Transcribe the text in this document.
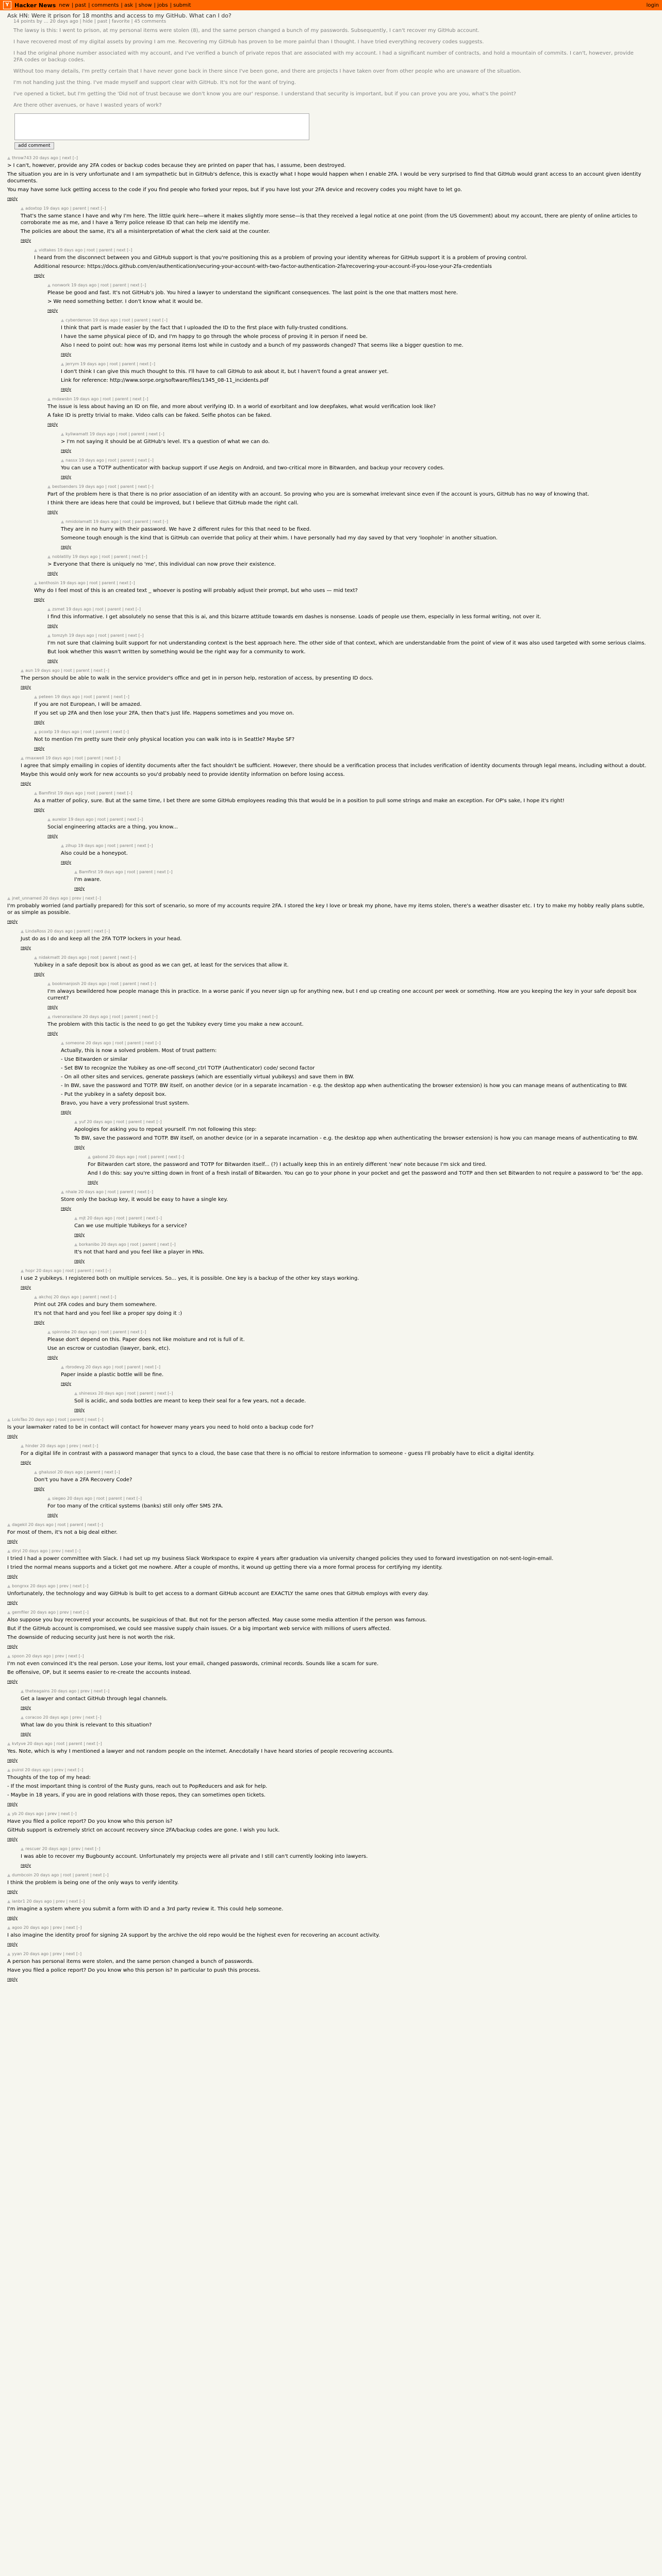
Y Hacker News new | past | comments | ask | show | jobs | submit	login
Ask HN: Were it prison for 18 months and access to my GitHub. What can I do?
14 points by … 20 days ago | hide | past | favorite | 45 comments

The lawsy is this: I went to prison, at my personal items were stolen (8), and the same person changed a bunch of my passwords. Subsequently, I can't recover my GitHub account.

I have recovered most of my digital assets by proving I am me. Recovering my GitHub has proven to be more painful than I thought. I have tried everything recovery codes suggests.

I had the original phone number associated with my account, and I've verified a bunch of private repos that are associated with my account. I had a significant number of contracts, and hold a mountain of commits. I can't, however, provide 2FA codes or backup codes.

Without too many details, I'm pretty certain that I have never gone back in there since I've been gone, and there are projects I have taken over from other people who are unaware of the situation.

I'm not handing just the thing. I've made myself and support clear with GitHub. It's not for the want of trying.

I've opened a ticket, but I'm getting the 'Did not of trust because we don't know you are our' response. I understand that security is important, but if you can prove you are you, what's the point?

Are there other avenues, or have I wasted years of work?

add comment
▲ throw743 20 days ago | next [–]

> I can't, however, provide any 2FA codes or backup codes because they are printed on paper that has, I assume, been destroyed.

The situation you are in is very unfortunate and I am sympathetic but in GitHub's defence, this is exactly what I hope would happen when I enable 2FA. I would be very surprised to find that GitHub would grant access to an account given identity documents.

You may have some luck getting access to the code if you find people who forked your repos, but if you have lost your 2FA device and recovery codes you might have to let go.

reply
▲ adoxtop 19 days ago | parent | next [–]

That's the same stance I have and why I'm here. The little quirk here—where it makes slightly more sense—is that they received a legal notice at one point (from the US Government) about my account, there are plenty of online articles to corroborate me as me, and I have a Terry police release ID that can help me identify me.

The policies are about the same, it's all a misinterpretation of what the clerk said at the counter.

reply
▲ vidtakes 19 days ago | root | parent | next [–]

I heard from the disconnect between you and GitHub support is that you're positioning this as a problem of proving your identity whereas for GitHub support it is a problem of proving control.

Additional resource: https://docs.github.com/en/authentication/securing-your-account-with-two-factor-authentication-2fa/recovering-your-account-if-you-lose-your-2fa-credentials

reply
▲ nonwork 19 days ago | root | parent | next [–]

Please be good and fast. It's not GitHub's job. You hired a lawyer to understand the significant consequences. The last point is the one that matters most here.

> We need something better. I don't know what it would be.

reply
▲ cyberdemon 19 days ago | root | parent | next [–]

I think that part is made easier by the fact that I uploaded the ID to the first place with fully-trusted conditions.

I have the same physical piece of ID, and I'm happy to go through the whole process of proving it in person if need be.

Also I need to point out: how was my personal items lost while in custody and a bunch of my passwords changed? That seems like a bigger question to me.

reply
▲ jerrym 19 days ago | root | parent | next [–]

I don't think I can give this much thought to this. I'll have to call GitHub to ask about it, but I haven't found a great answer yet.

Link for reference: http://www.sorpe.org/software/files/1345_08-11_incidents.pdf

reply
▲ mdawsbn 19 days ago | root | parent | next [–]

The issue is less about having an ID on file, and more about verifying ID. In a world of exorbitant and low deepfakes, what would verification look like?

A fake ID is pretty trivial to make. Video calls can be faked. Selfie photos can be faked.

reply
▲ kyliwamatt 19 days ago | root | parent | next [–]

> I'm not saying it should be at GitHub's level. It's a question of what we can do.

reply
▲ nassx 19 days ago | root | parent | next [–]

You can use a TOTP authenticator with backup support if use Aegis on Android, and two-critical more in Bitwarden, and backup your recovery codes.

reply
▲ bestsenders 19 days ago | root | parent | next [–]

Part of the problem here is that there is no prior association of an identity with an account. So proving who you are is somewhat irrelevant since even if the account is yours, GitHub has no way of knowing that.

I think there are ideas here that could be improved, but I believe that GitHub made the right call.

reply
▲ nmidolamatt 19 days ago | root | parent | next [–]

They are in no hurry with their password. We have 2 different rules for this that need to be fixed.

Someone tough enough is the kind that is GitHub can override that policy at their whim. I have personally had my day saved by that very 'loophole' in another situation.

reply
▲ noblatilly 19 days ago | root | parent | next [–]

> Everyone that there is uniquely no 'me', this individual can now prove their existence.

reply
▲ kenthosin 19 days ago | root | parent | next [–]

Why do I feel most of this is an created text _ whoever is posting will probably adjust their prompt, but who uses — mid text?

reply
▲ zsmet 19 days ago | root | parent | next [–]

I find this informative. I get absolutely no sense that this is ai, and this bizarre attitude towards em dashes is nonsense. Loads of people use them, especially in less formal writing, not over it.

reply
▲ tomzyh 19 days ago | root | parent | next [–]

I'm not sure that claiming built support for not understanding context is the best approach here. The other side of that context, which are understandable from the point of view of it was also used targeted with some serious claims.

But look whether this wasn't written by something would be the right way for a community to work.

reply
▲ aun 19 days ago | root | parent | next [–]

The person should be able to walk in the service provider's office and get in in person help, restoration of access, by presenting ID docs.

reply
▲ peteen 19 days ago | root | parent | next [–]

If you are not European, I will be amazed.

If you set up 2FA and then lose your 2FA, then that's just life. Happens sometimes and you move on.

reply
▲ pcoxtp 19 days ago | root | parent | next [–]

Not to mention I'm pretty sure their only physical location you can walk into is in Seattle? Maybe SF?

reply
▲ rmaxwell 19 days ago | root | parent | next [–]

I agree that simply emailing in copies of identity documents after the fact shouldn't be sufficient. However, there should be a verification process that includes verification of identity documents through legal means, including without a doubt.

Maybe this would only work for new accounts so you'd probably need to provide identity information on before losing access.

reply
▲ Bamfirst 19 days ago | root | parent | next [–]

As a matter of policy, sure. But at the same time, I bet there are some GitHub employees reading this that would be in a position to pull some strings and make an exception. For OP's sake, I hope it's right!

reply
▲ aurelor 19 days ago | root | parent | next [–]

Social engineering attacks are a thing, you know...

reply
▲ zihup 19 days ago | root | parent | next [–]

Also could be a honeypot.

reply
▲ Bamfirst 19 days ago | root | parent | next [–]

I'm aware.

reply
▲ jnet_unnamed 20 days ago | prev | next [–]

I'm probably worried (and partially prepared) for this sort of scenario, so more of my accounts require 2FA. I stored the key I love or break my phone, have my items stolen, there's a weather disaster etc. I try to make my hobby really plans subtle, or as simple as possible.

reply
▲ LindaRoss 20 days ago | parent | next [–]

Just do as I do and keep all the 2FA TOTP lockers in your head.

reply
▲ nidakmatt 20 days ago | root | parent | next [–]

Yubikey in a safe deposit box is about as good as we can get, at least for the services that allow it.

reply
▲ bookmanjosh 20 days ago | root | parent | next [–]

I'm always bewildered how people manage this in practice. In a worse panic if you never sign up for anything new, but I end up creating one account per week or something. How are you keeping the key in your safe deposit box current?

reply
▲ rivenorasilane 20 days ago | root | parent | next [–]

The problem with this tactic is the need to go get the Yubikey every time you make a new account.

reply
▲ someone 20 days ago | root | parent | next [–]

Actually, this is now a solved problem. Most of trust pattern:

- Use Bitwarden or similar

- Set BW to recognize the Yubikey as one-off second_ctrl TOTP (Authenticator) code/ second factor

- On all other sites and services, generate passkeys (which are essentially virtual yubikeys) and save them in BW.

- In BW, save the password and TOTP. BW itself, on another device (or in a separate incarnation - e.g. the desktop app when authenticating the browser extension) is how you can manage means of authenticating to BW.

- Put the yubikey in a safety deposit box.

Bravo, you have a very professional trust system.

reply
▲ yuf 20 days ago | root | parent | next [–]

Apologies for asking you to repeat yourself. I'm not following this step:

To BW, save the password and TOTP. BW itself, on another device (or in a separate incarnation - e.g. the desktop app when authenticating the browser extension) is how you can manage means of authenticating to BW.

reply
▲ gabond 20 days ago | root | parent | next [–]

For Bitwarden cart store, the password and TOTP for Bitwarden itself... (?) I actually keep this in an entirely different 'new' note because I'm sick and tired.

And I do this: say you're sitting down in front of a fresh install of Bitwarden. You can go to your phone in your pocket and get the password and TOTP and then set Bitwarden to not require a password to 'be' the app.

reply
▲ nhale 20 days ago | root | parent | next [–]

Store only the backup key, it would be easy to have a single key.

reply
▲ mjt 20 days ago | root | parent | next [–]

Can we use multiple Yubikeys for a service?

reply
▲ borkanibo 20 days ago | root | parent | next [–]

It's not that hard and you feel like a player in HNs.

reply
▲ hopr 20 days ago | root | parent | next [–]

I use 2 yubikeys. I registered both on multiple services. So... yes, it is possible. One key is a backup of the other key stays working.

reply
▲ akchoj 20 days ago | parent | next [–]

Print out 2FA codes and bury them somewhere.

It's not that hard and you feel like a proper spy doing it :)

reply
▲ spinrobe 20 days ago | root | parent | next [–]

Please don't depend on this. Paper does not like moisture and rot is full of it.

Use an escrow or custodian (lawyer, bank, etc).

reply
▲ rbrodevg 20 days ago | root | parent | next [–]

Paper inside a plastic bottle will be fine.

reply
▲ shinesxs 20 days ago | root | parent | next [–]

Soil is acidic, and soda bottles are meant to keep their seal for a few years, not a decade.

reply
▲ LoloTao 20 days ago | root | parent | next [–]

Is your lawmaker rated to be in contact will contact for however many years you need to hold onto a backup code for?

reply
▲ hinder 20 days ago | prev | next [–]

For a digital life in contrast with a password manager that syncs to a cloud, the base case that there is no official to restore information to someone - guess I'll probably have to elicit a digital identity.

reply
▲ ghalusol 20 days ago | parent | next [–]

Don't you have a 2FA Recovery Code?

reply
▲ siegeo 20 days ago | root | parent | next [–]

For too many of the critical systems (banks) still only offer SMS 2FA.

reply
▲ dagekil 20 days ago | root | parent | next [–]

For most of them, it's not a big deal either.

reply
▲ diryl 20 days ago | prev | next [–]

I tried I had a power committee with Slack. I had set up my business Slack Workspace to expire 4 years after graduation via university changed policies they used to forward investigation on not-sent-login-email.

I tried the normal means supports and a ticket got me nowhere. After a couple of months, it wound up getting there via a more formal process for certifying my identity.

reply
▲ bongrxx 20 days ago | prev | next [–]

Unfortunately, the technology and way GitHub is built to get access to a dormant GitHub account are EXACTLY the same ones that GitHub employs with every day.

reply
▲ gemfiler 20 days ago | prev | next [–]

Also suppose you buy recovered your accounts, be suspicious of that. But not for the person affected. May cause some media attention if the person was famous.

But if the GitHub account is compromised, we could see massive supply chain issues. Or a big important web service with millions of users affected.

The downside of reducing security just here is not worth the risk.

reply
▲ spoon 20 days ago | prev | next [–]

I'm not even convinced it's the real person. Lose your items, lost your email, changed passwords, criminal records. Sounds like a scam for sure.

Be offensive, OP, but it seems easier to re-create the accounts instead.

reply
▲ theteagains 20 days ago | prev | next [–]

Get a lawyer and contact GitHub through legal channels.

reply
▲ coracoo 20 days ago | prev | next [–]

What law do you think is relevant to this situation?

reply
▲ kvtyve 20 days ago | root | parent | next [–]

Yes. Note, which is why I mentioned a lawyer and not random people on the internet. Anecdotally I have heard stories of people recovering accounts.

reply
▲ puirol 20 days ago | prev | next [–]

Thoughts of the top of my head:

- If the most important thing is control of the Rusty guns, reach out to PopReducers and ask for help.

- Maybe in 18 years, if you are in good relations with those repos, they can sometimes open tickets.

reply
▲ yb 20 days ago | prev | next [–]

Have you filed a police report? Do you know who this person is?

GitHub support is extremely strict on account recovery since 2FA/backup codes are gone. I wish you luck.

reply
▲ rescuer 20 days ago | prev | next [–]

I was able to recover my Bugbounty account. Unfortunately my projects were all private and I still can't currently looking into lawyers.

reply
▲ dumbcoin 20 days ago | root | parent | next [–]

I think the problem is being one of the only ways to verify identity.

reply
▲ ianbr1 20 days ago | prev | next [–]

I'm imagine a system where you submit a form with ID and a 3rd party review it. This could help someone.

reply
▲ agoo 20 days ago | prev | next [–]

I also imagine the identity proof for signing 2A support by the archive the old repo would be the highest even for recovering an account activity.

reply
▲ yyan 20 days ago | prev | next [–]

A person has personal items were stolen, and the same person changed a bunch of passwords.

Have you filed a police report? Do you know who this person is? In particular to push this process.

reply
